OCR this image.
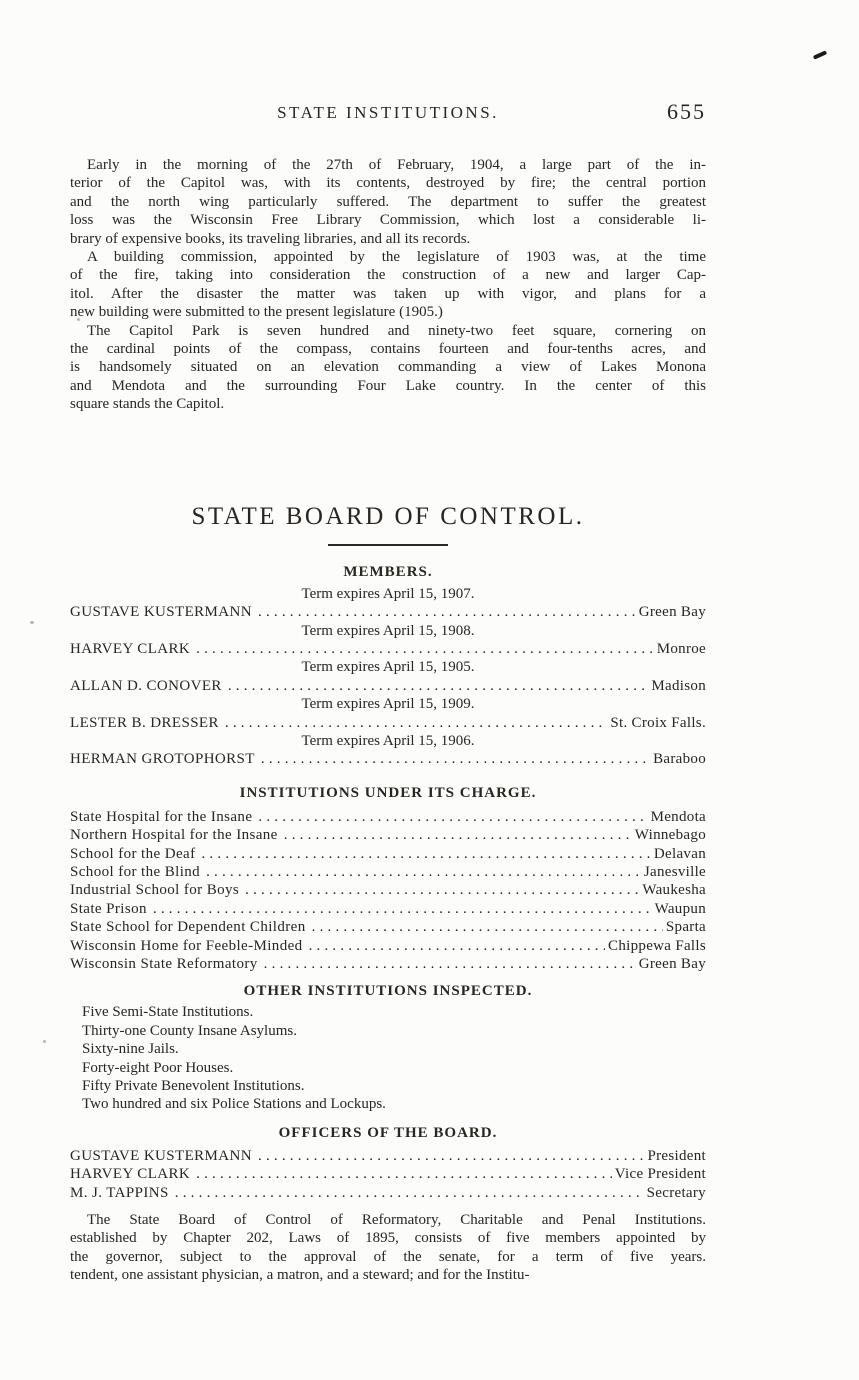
STATE INSTITUTIONS.	655
Early in the morning of the 27th of February, 1904, a large part of the in-
terior of the Capitol was, with its contents, destroyed by fire; the central portion
and the north wing particularly suffered. The department to suffer the greatest
loss was the Wisconsin Free Library Commission, which lost a considerable li-
brary of expensive books, its traveling libraries, and all its records.
A building commission, appointed by the legislature of 1903 was, at the time
of the fire, taking into consideration the construction of a new and larger Cap-
itol. After the disaster the matter was taken up with vigor, and plans for a
new building were submitted to the present legislature (1905.)
The Capitol Park is seven hundred and ninety-two feet square, cornering on
the cardinal points of the compass, contains fourteen and four-tenths acres, and
is handsomely situated on an elevation commanding a view of Lakes Monona
and Mendota and the surrounding Four Lake country. In the center of this
square stands the Capitol.
STATE BOARD OF CONTROL.
MEMBERS.
Term expires April 15, 1907.
GUSTAVE KUSTERMANN .....	Green Bay
Term expires April 15, 1908.
HARVEY CLARK .....	Monroe
Term expires April 15, 1905.
ALLAN D. CONOVER .....	Madison
Term expires April 15, 1909.
LESTER B. DRESSER .....	St. Croix Falls.
Term expires April 15, 1906.
HERMAN GROTOPHORST .....	Baraboo
INSTITUTIONS UNDER ITS CHARGE.
State Hospital for the Insane .....	Mendota
Northern Hospital for the Insane .....	Winnebago
School for the Deaf .....	Delavan
School for the Blind .....	Janesville
Industrial School for Boys .....	Waukesha
State Prison .....	Waupun
State School for Dependent Children .....	Sparta
Wisconsin Home for Feeble-Minded .....	Chippewa Falls
Wisconsin State Reformatory .....	Green Bay
OTHER INSTITUTIONS INSPECTED.
Five Semi-State Institutions.
Thirty-one County Insane Asylums.
Sixty-nine Jails.
Forty-eight Poor Houses.
Fifty Private Benevolent Institutions.
Two hundred and six Police Stations and Lockups.
OFFICERS OF THE BOARD.
GUSTAVE KUSTERMANN .....	President
HARVEY CLARK .....	Vice President
M. J. TAPPINS .....	Secretary
The State Board of Control of Reformatory, Charitable and Penal Institutions.
established by Chapter 202, Laws of 1895, consists of five members appointed by
the governor, subject to the approval of the senate, for a term of five years.
tendent, one assistant physician, a matron, and a steward; and for the Institu-
